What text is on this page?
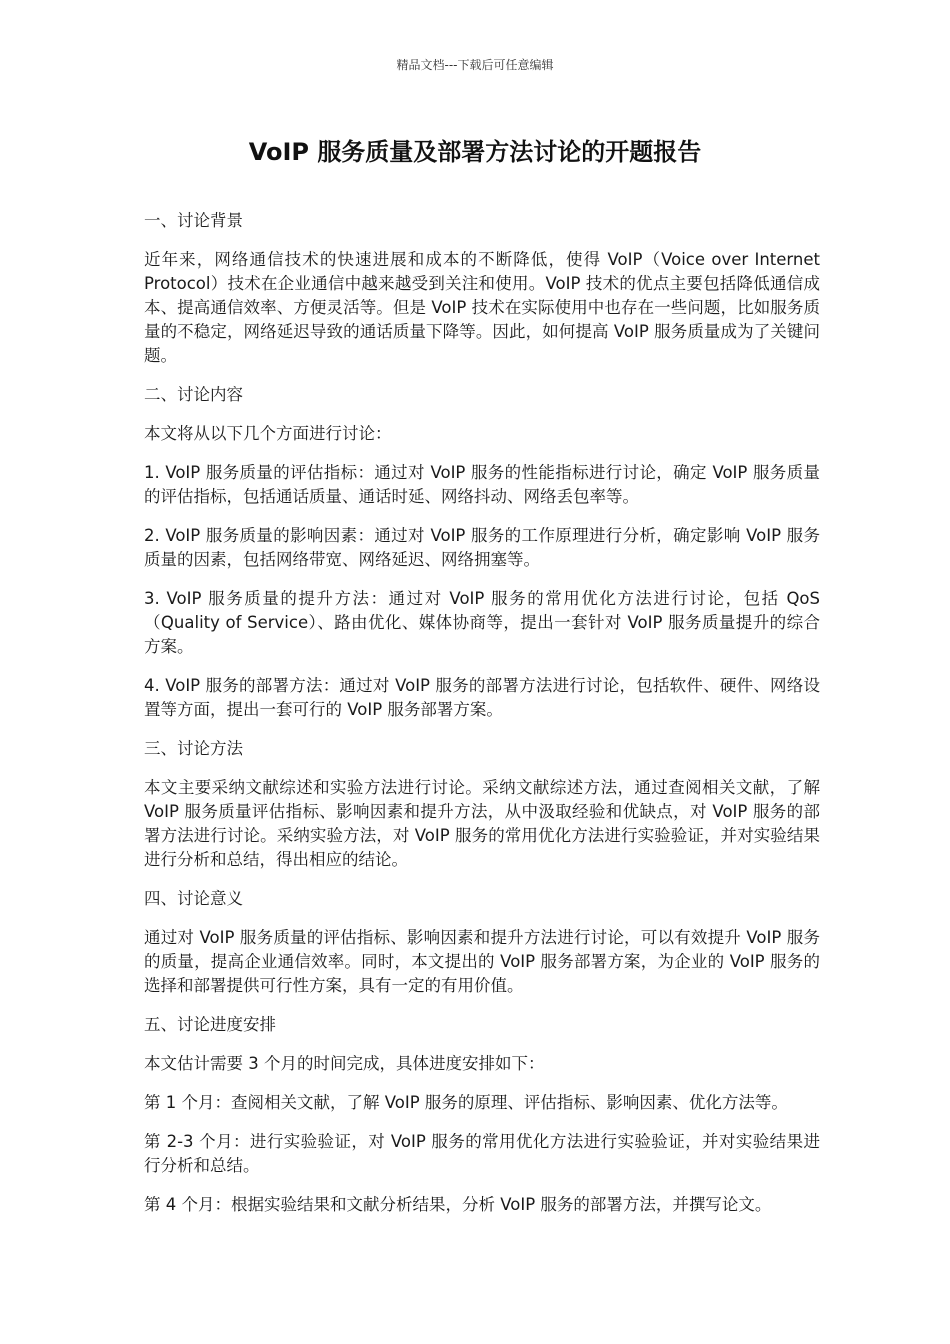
精品文档---下载后可任意编辑
VoIP 服务质量及部署方法讨论的开题报告

一、讨论背景

近年来，网络通信技术的快速进展和成本的不断降低，使得 VoIP（Voice over Internet Protocol）技术在企业通信中越来越受到关注和使用。VoIP 技术的优点主要包括降低通信成本、提高通信效率、方便灵活等。但是 VoIP 技术在实际使用中也存在一些问题，比如服务质量的不稳定，网络延迟导致的通话质量下降等。因此，如何提高 VoIP 服务质量成为了关键问题。

二、讨论内容

本文将从以下几个方面进行讨论：

1. VoIP 服务质量的评估指标：通过对 VoIP 服务的性能指标进行讨论，确定 VoIP 服务质量的评估指标，包括通话质量、通话时延、网络抖动、网络丢包率等。

2. VoIP 服务质量的影响因素：通过对 VoIP 服务的工作原理进行分析，确定影响 VoIP 服务质量的因素，包括网络带宽、网络延迟、网络拥塞等。

3. VoIP 服务质量的提升方法：通过对 VoIP 服务的常用优化方法进行讨论，包括 QoS（Quality of Service）、路由优化、媒体协商等，提出一套针对 VoIP 服务质量提升的综合方案。

4. VoIP 服务的部署方法：通过对 VoIP 服务的部署方法进行讨论，包括软件、硬件、网络设置等方面，提出一套可行的 VoIP 服务部署方案。

三、讨论方法

本文主要采纳文献综述和实验方法进行讨论。采纳文献综述方法，通过查阅相关文献，了解 VoIP 服务质量评估指标、影响因素和提升方法，从中汲取经验和优缺点，对 VoIP 服务的部署方法进行讨论。采纳实验方法，对 VoIP 服务的常用优化方法进行实验验证，并对实验结果进行分析和总结，得出相应的结论。

四、讨论意义

通过对 VoIP 服务质量的评估指标、影响因素和提升方法进行讨论，可以有效提升 VoIP 服务的质量，提高企业通信效率。同时，本文提出的 VoIP 服务部署方案，为企业的 VoIP 服务的选择和部署提供可行性方案，具有一定的有用价值。

五、讨论进度安排

本文估计需要 3 个月的时间完成，具体进度安排如下：

第 1 个月：查阅相关文献，了解 VoIP 服务的原理、评估指标、影响因素、优化方法等。

第 2-3 个月：进行实验验证，对 VoIP 服务的常用优化方法进行实验验证，并对实验结果进行分析和总结。

第 4 个月：根据实验结果和文献分析结果，分析 VoIP 服务的部署方法，并撰写论文。
